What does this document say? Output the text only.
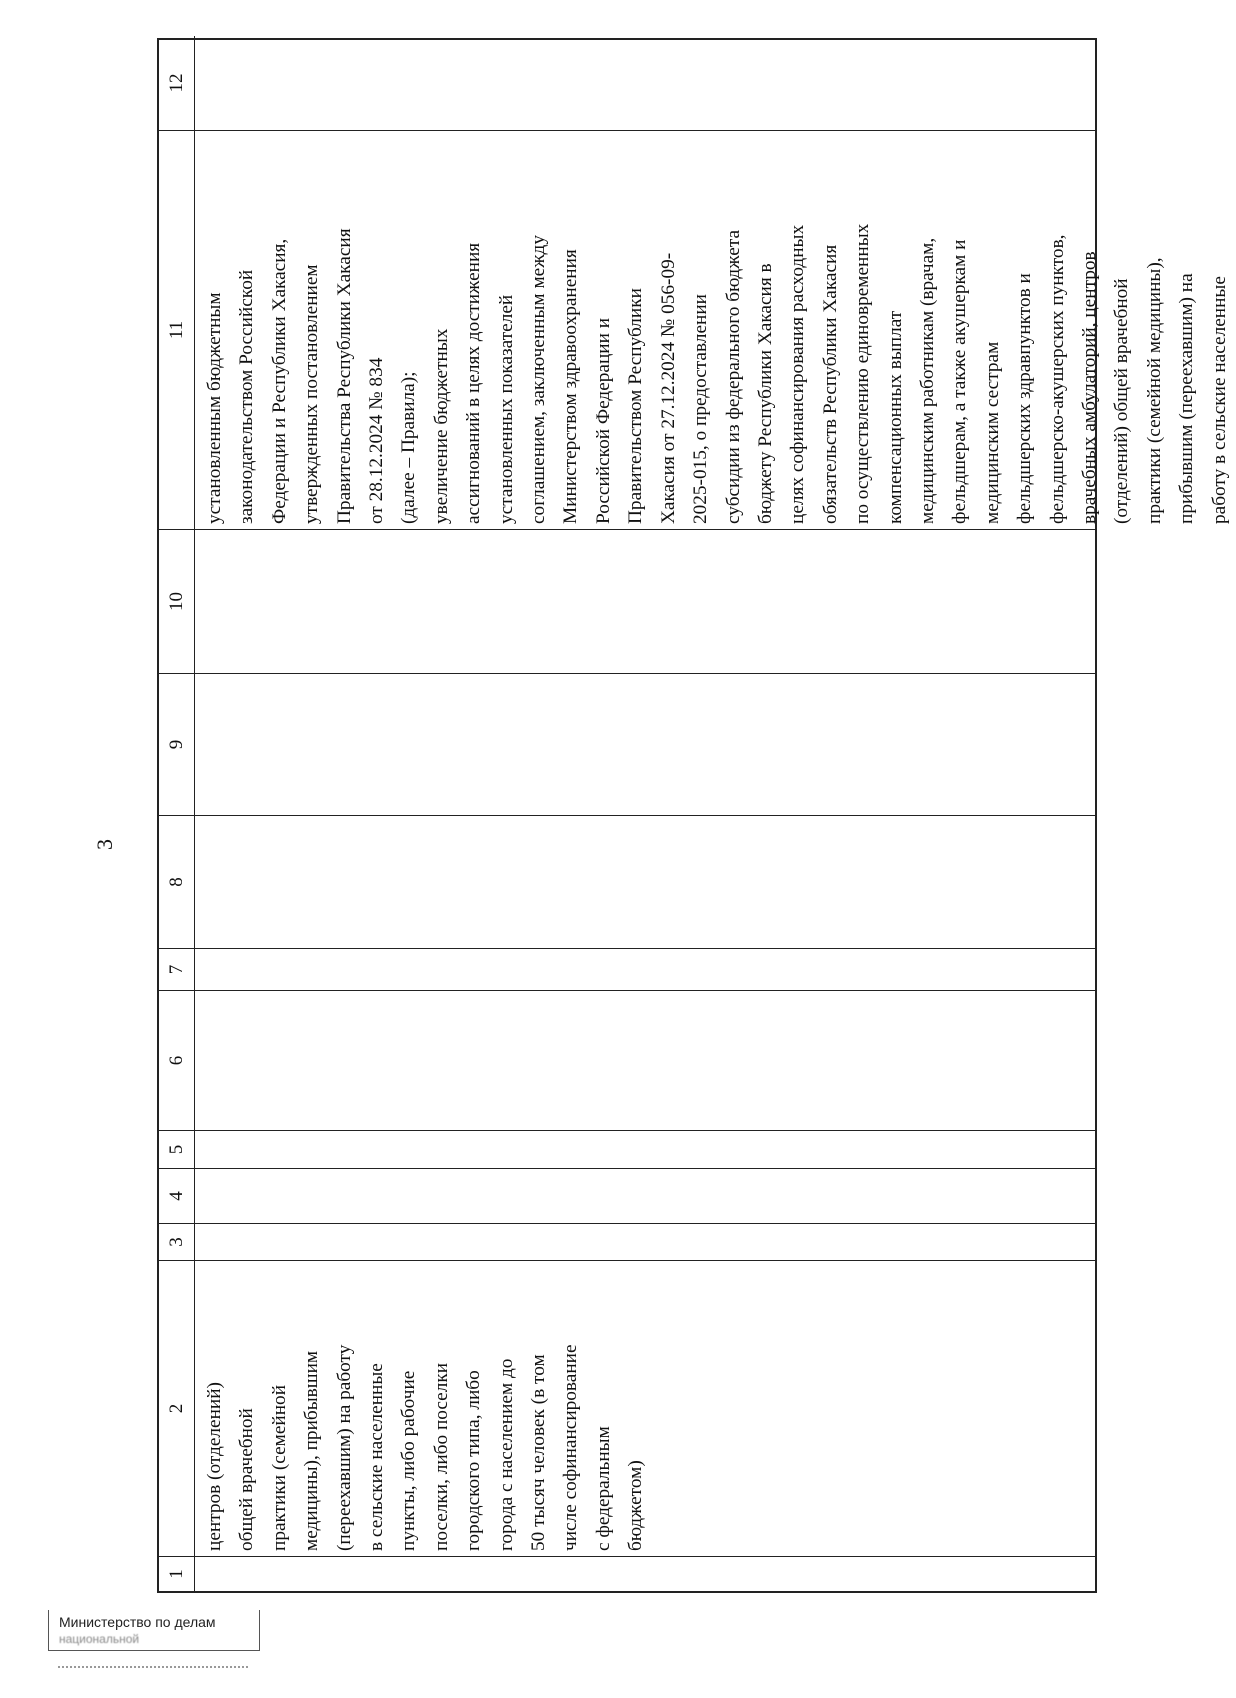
3
1
2 центров (отделений) общей врачебной практики (семейной медицины), прибывшим (переехавшим) на работу в сельские населенные пункты, либо рабочие поселки, либо поселки городского типа, либо города с населением до 50 тысяч человек (в том числе софинансирование с федеральным бюджетом)
3
4
5
6
7
8
9
10
11 установленным бюджетным законодательством Российской Федерации и Республики Хакасия, утвержденных постановлением Правительства Республики Хакасия от 28.12.2024 № 834 (далее – Правила); увеличение бюджетных ассигнований в целях достижения установленных показателей соглашением, заключенным между Министерством здравоохранения Российской Федерации и Правительством Республики Хакасия от 27.12.2024 № 056-09- 2025-015, о предоставлении субсидии из федерального бюджета бюджету Республики Хакасия в целях софинансирования расходных обязательств Республики Хакасия по осуществлению единовременных компенсационных выплат медицинским работникам (врачам, фельдшерам, а также акушеркам и медицинским сестрам фельдшерских здравпунктов и фельдшерско-акушерских пунктов, врачебных амбулаторий, центров (отделений) общей врачебной практики (семейной медицины), прибывшим (переехавшим) на работу в сельские населенные
12
Министерство по делам
национальной
